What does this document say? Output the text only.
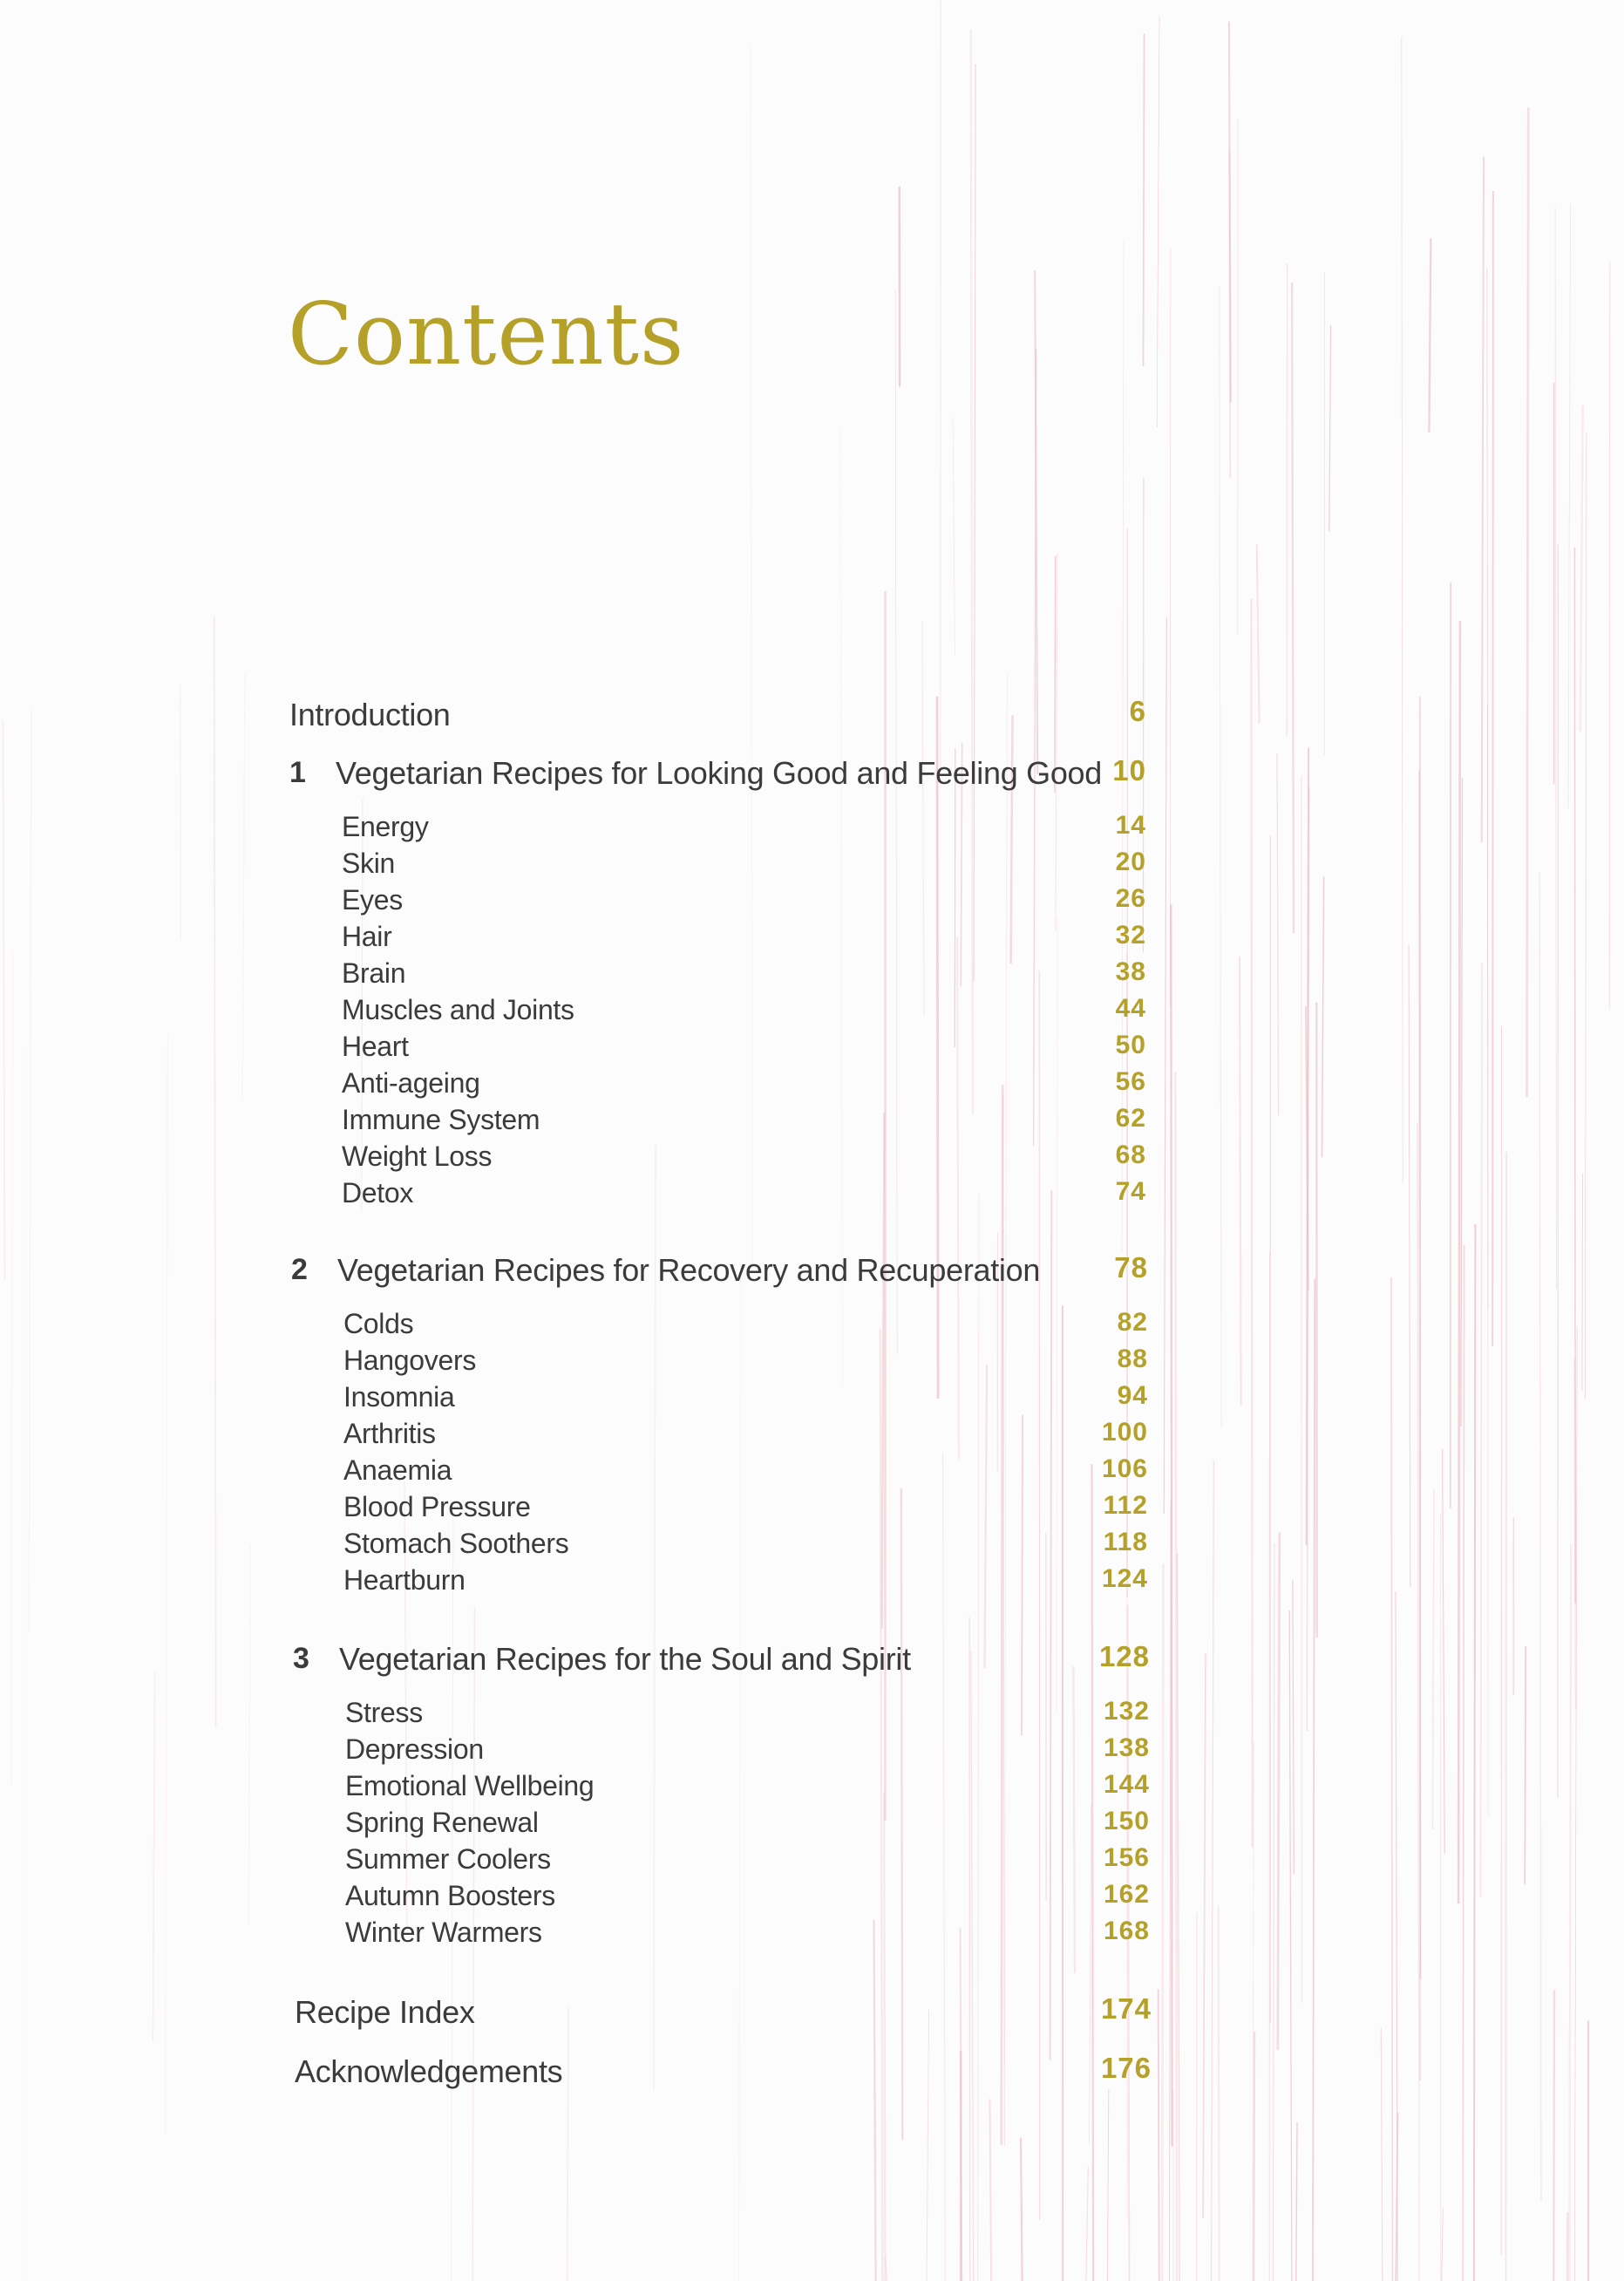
Contents
Introduction	6
1 Vegetarian Recipes for Looking Good and Feeling Good 10
Energy	14
Skin	20
Eyes	26
Hair	32
Brain	38
Muscles and Joints	44
Heart	50
Anti-ageing	56
Immune System	62
Weight Loss	68
Detox	74
2 Vegetarian Recipes for Recovery and Recuperation	78
Colds	82
Hangovers	88
Insomnia	94
Arthritis	100
Anaemia	106
Blood Pressure	112
Stomach Soothers	118
Heartburn	124
3 Vegetarian Recipes for the Soul and Spirit	128
Stress	132
Depression	138
Emotional Wellbeing	144
Spring Renewal	150
Summer Coolers	156
Autumn Boosters	162
Winter Warmers	168
Recipe Index	174
Acknowledgements	176
